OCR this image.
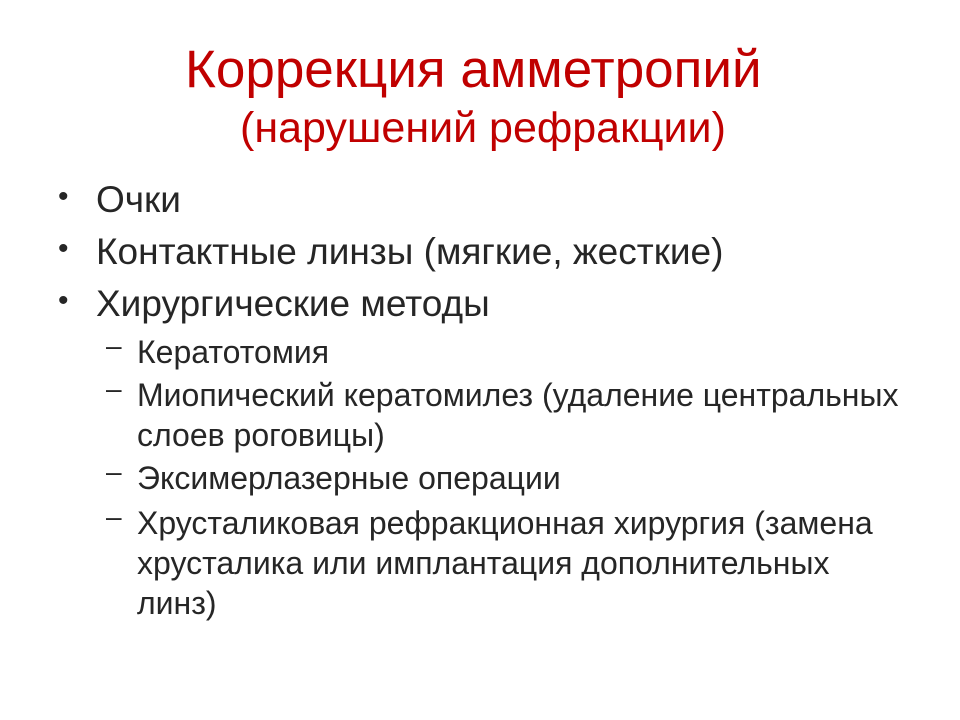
Коррекция амметропий
(нарушений рефракции)
• Очки
• Контактные линзы (мягкие, жесткие)
• Хирургические методы
– Кератотомия
– Миопический кератомилез (удаление центральных
слоев роговицы)
– Эксимерлазерные операции
– Хрусталиковая рефракционная хирургия (замена
хрусталика или имплантация дополнительных
линз)
